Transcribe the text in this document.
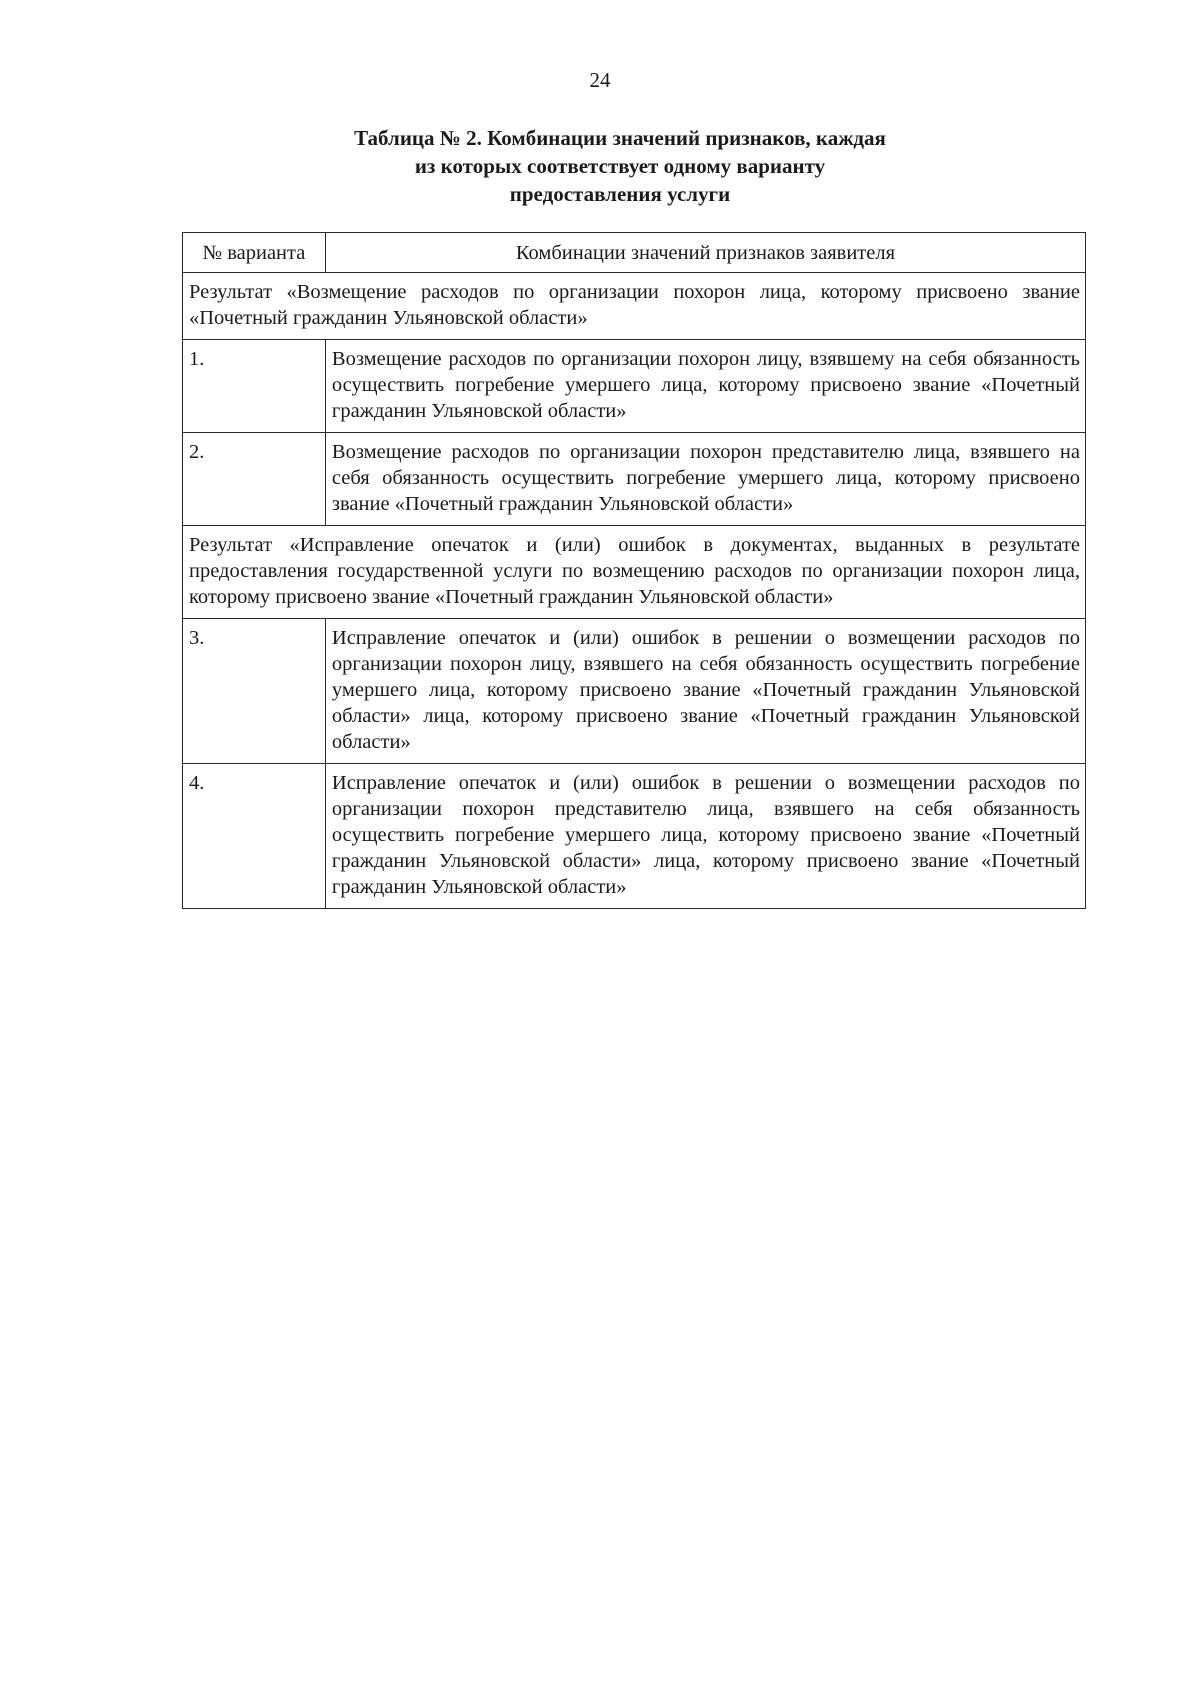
24
Таблица № 2. Комбинации значений признаков, каждая
из которых соответствует одному варианту
предоставления услуги
№ варианта	Комбинации значений признаков заявителя
Результат «Возмещение расходов по организации похорон лица, которому присвоено звание «Почетный гражданин Ульяновской области»	
1.	Возмещение расходов по организации похорон лицу, взявшему на себя обязанность осуществить погребение умершего лица, которому присвоено звание «Почетный гражданин Ульяновской области»
2.	Возмещение расходов по организации похорон представителю лица, взявшего на себя обязанность осуществить погребение умершего лица, которому присвоено звание «Почетный гражданин Ульяновской области»
Результат «Исправление опечаток и (или) ошибок в документах, выданных в результате предоставления государственной услуги по возмещению расходов по организации похорон лица, которому присвоено звание «Почетный гражданин Ульяновской области»	
3.	Исправление опечаток и (или) ошибок в решении о возмещении расходов по организации похорон лицу, взявшего на себя обязанность осуществить погребение умершего лица, которому присвоено звание «Почетный гражданин Ульяновской области» лица, которому присвоено звание «Почетный гражданин Ульяновской области»
4.	Исправление опечаток и (или) ошибок в решении о возмещении расходов по организации похорон представителю лица, взявшего на себя обязанность осуществить погребение умершего лица, которому присвоено звание «Почетный гражданин Ульяновской области» лица, которому присвоено звание «Почетный гражданин Ульяновской области»
